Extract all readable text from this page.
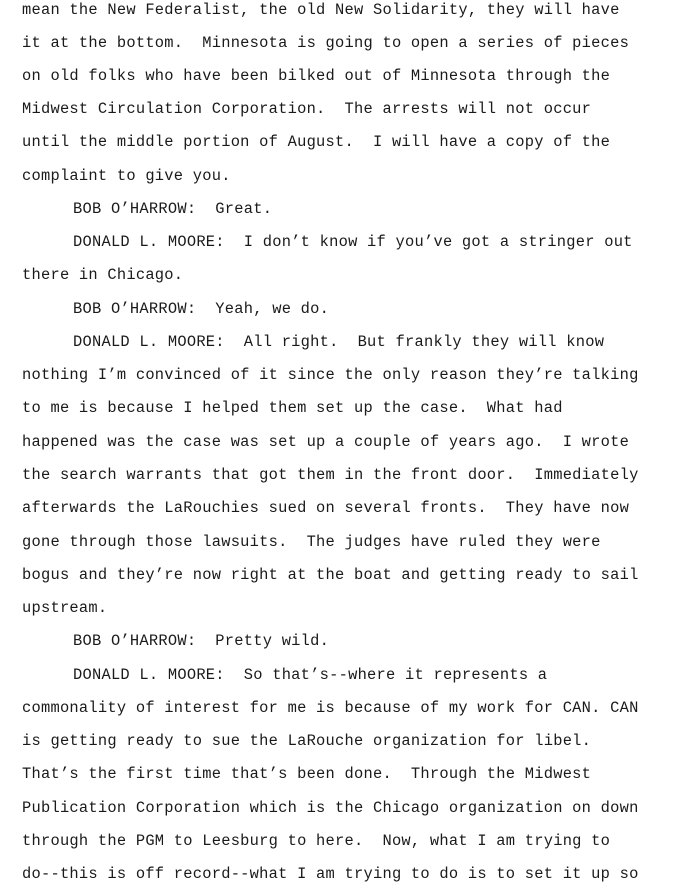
mean the New Federalist, the old New Solidarity, they will have
it at the bottom.  Minnesota is going to open a series of pieces
on old folks who have been bilked out of Minnesota through the
Midwest Circulation Corporation.  The arrests will not occur
until the middle portion of August.  I will have a copy of the
complaint to give you.
BOB O’HARROW:  Great.
DONALD L. MOORE:  I don’t know if you’ve got a stringer out
there in Chicago.
BOB O’HARROW:  Yeah, we do.
DONALD L. MOORE:  All right.  But frankly they will know
nothing I’m convinced of it since the only reason they’re talking
to me is because I helped them set up the case.  What had
happened was the case was set up a couple of years ago.  I wrote
the search warrants that got them in the front door.  Immediately
afterwards the LaRouchies sued on several fronts.  They have now
gone through those lawsuits.  The judges have ruled they were
bogus and they’re now right at the boat and getting ready to sail
upstream.
BOB O’HARROW:  Pretty wild.
DONALD L. MOORE:  So that’s--where it represents a
commonality of interest for me is because of my work for CAN. CAN
is getting ready to sue the LaRouche organization for libel.
That’s the first time that’s been done.  Through the Midwest
Publication Corporation which is the Chicago organization on down
through the PGM to Leesburg to here.  Now, what I am trying to
do--this is off record--what I am trying to do is to set it up so
